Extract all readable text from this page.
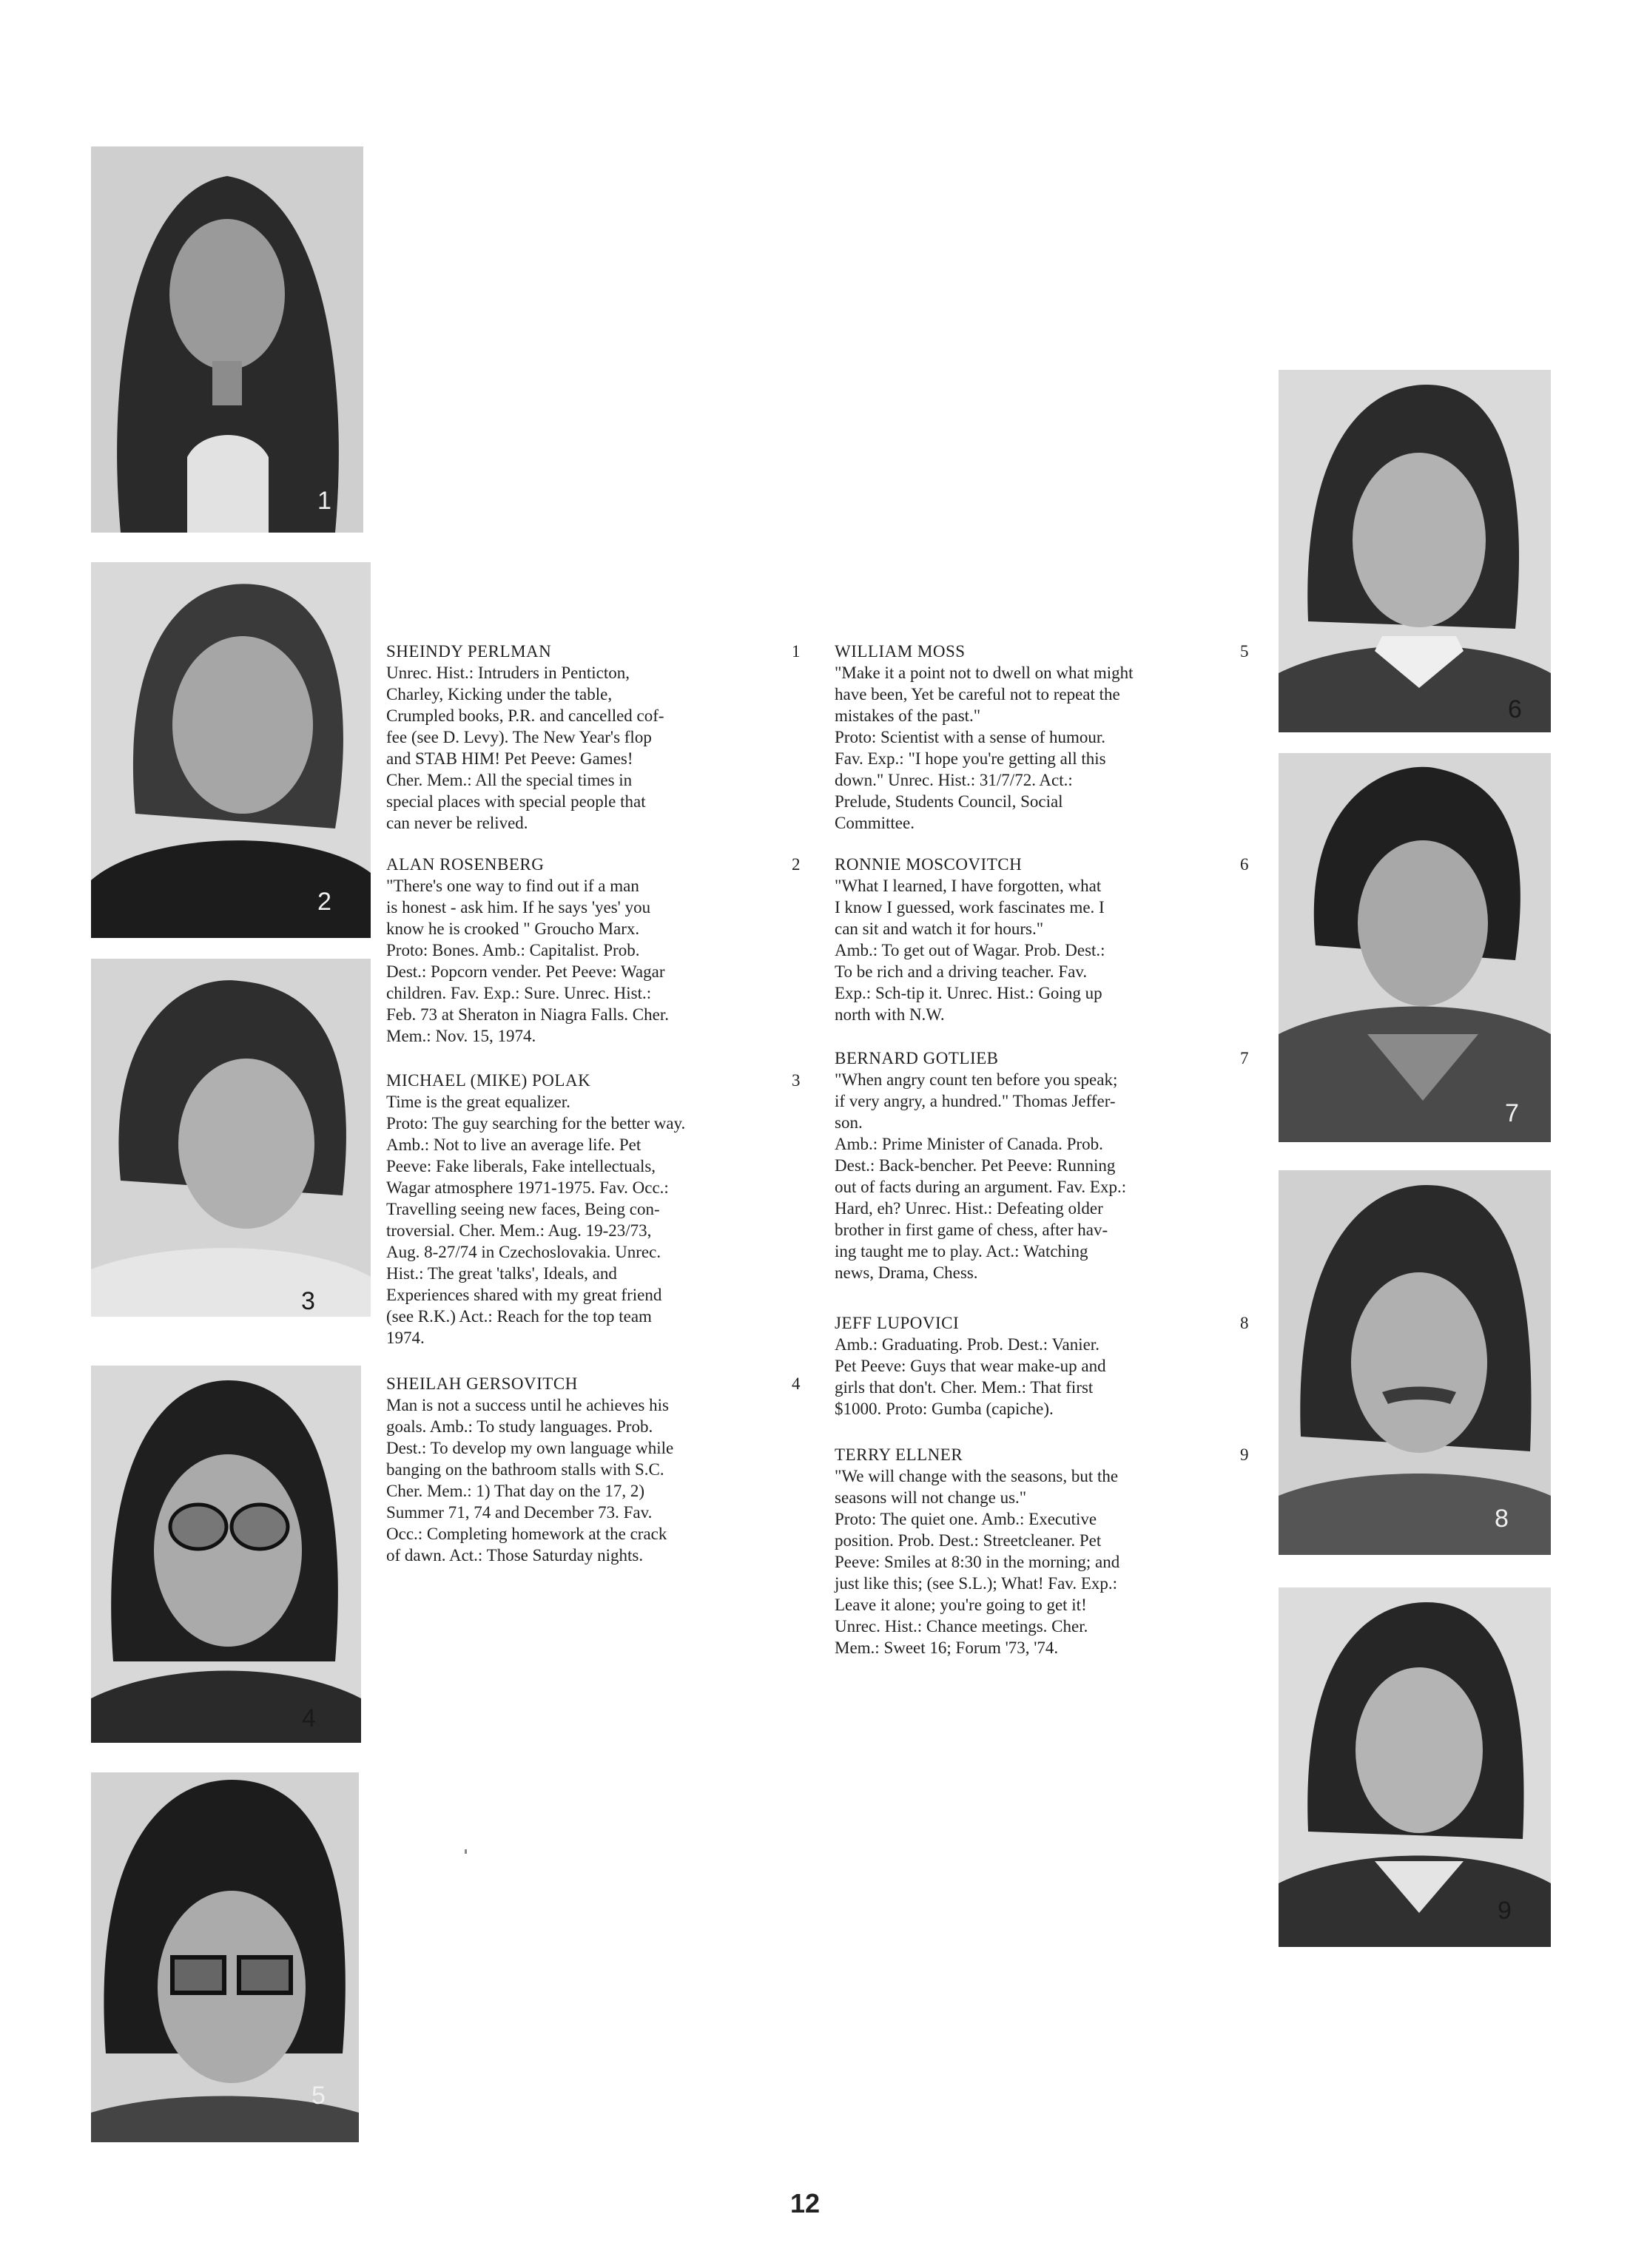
1
2
3
4
5
6
7
8
9
SHEINDY PERLMAN	1
Unrec. Hist.: Intruders in Penticton,
Charley, Kicking under the table,
Crumpled books, P.R. and cancelled cof-
fee (see D. Levy). The New Year's flop
and STAB HIM! Pet Peeve: Games!
Cher. Mem.: All the special times in
special places with special people that
can never be relived.
ALAN ROSENBERG	2
"There's one way to find out if a man
is honest - ask him. If he says 'yes' you
know he is crooked " Groucho Marx.
Proto: Bones. Amb.: Capitalist. Prob.
Dest.: Popcorn vender. Pet Peeve: Wagar
children. Fav. Exp.: Sure. Unrec. Hist.:
Feb. 73 at Sheraton in Niagra Falls. Cher.
Mem.: Nov. 15, 1974.
MICHAEL (MIKE) POLAK	3
Time is the great equalizer.
Proto: The guy searching for the better way.
Amb.: Not to live an average life. Pet
Peeve: Fake liberals, Fake intellectuals,
Wagar atmosphere 1971-1975. Fav. Occ.:
Travelling seeing new faces, Being con-
troversial. Cher. Mem.: Aug. 19-23/73,
Aug. 8-27/74 in Czechoslovakia. Unrec.
Hist.: The great 'talks', Ideals, and
Experiences shared with my great friend
(see R.K.) Act.: Reach for the top team
1974.
SHEILAH GERSOVITCH	4
Man is not a success until he achieves his
goals. Amb.: To study languages. Prob.
Dest.: To develop my own language while
banging on the bathroom stalls with S.C.
Cher. Mem.: 1) That day on the 17, 2)
Summer 71, 74 and December 73. Fav.
Occ.: Completing homework at the crack
of dawn. Act.: Those Saturday nights.
WILLIAM MOSS	5
"Make it a point not to dwell on what might
have been, Yet be careful not to repeat the
mistakes of the past."
Proto: Scientist with a sense of humour.
Fav. Exp.: "I hope you're getting all this
down." Unrec. Hist.: 31/7/72. Act.:
Prelude, Students Council, Social
Committee.
RONNIE MOSCOVITCH	6
"What I learned, I have forgotten, what
I know I guessed, work fascinates me. I
can sit and watch it for hours."
Amb.: To get out of Wagar. Prob. Dest.:
To be rich and a driving teacher. Fav.
Exp.: Sch-tip it. Unrec. Hist.: Going up
north with N.W.
BERNARD GOTLIEB	7
"When angry count ten before you speak;
if very angry, a hundred." Thomas Jeffer-
son.
Amb.: Prime Minister of Canada. Prob.
Dest.: Back-bencher. Pet Peeve: Running
out of facts during an argument. Fav. Exp.:
Hard, eh? Unrec. Hist.: Defeating older
brother in first game of chess, after hav-
ing taught me to play. Act.: Watching
news, Drama, Chess.
JEFF LUPOVICI	8
Amb.: Graduating. Prob. Dest.: Vanier.
Pet Peeve: Guys that wear make-up and
girls that don't. Cher. Mem.: That first
$1000. Proto: Gumba (capiche).
TERRY ELLNER	9
"We will change with the seasons, but the
seasons will not change us."
Proto: The quiet one. Amb.: Executive
position. Prob. Dest.: Streetcleaner. Pet
Peeve: Smiles at 8:30 in the morning; and
just like this; (see S.L.); What! Fav. Exp.:
Leave it alone; you're going to get it!
Unrec. Hist.: Chance meetings. Cher.
Mem.: Sweet 16; Forum '73, '74.
12
